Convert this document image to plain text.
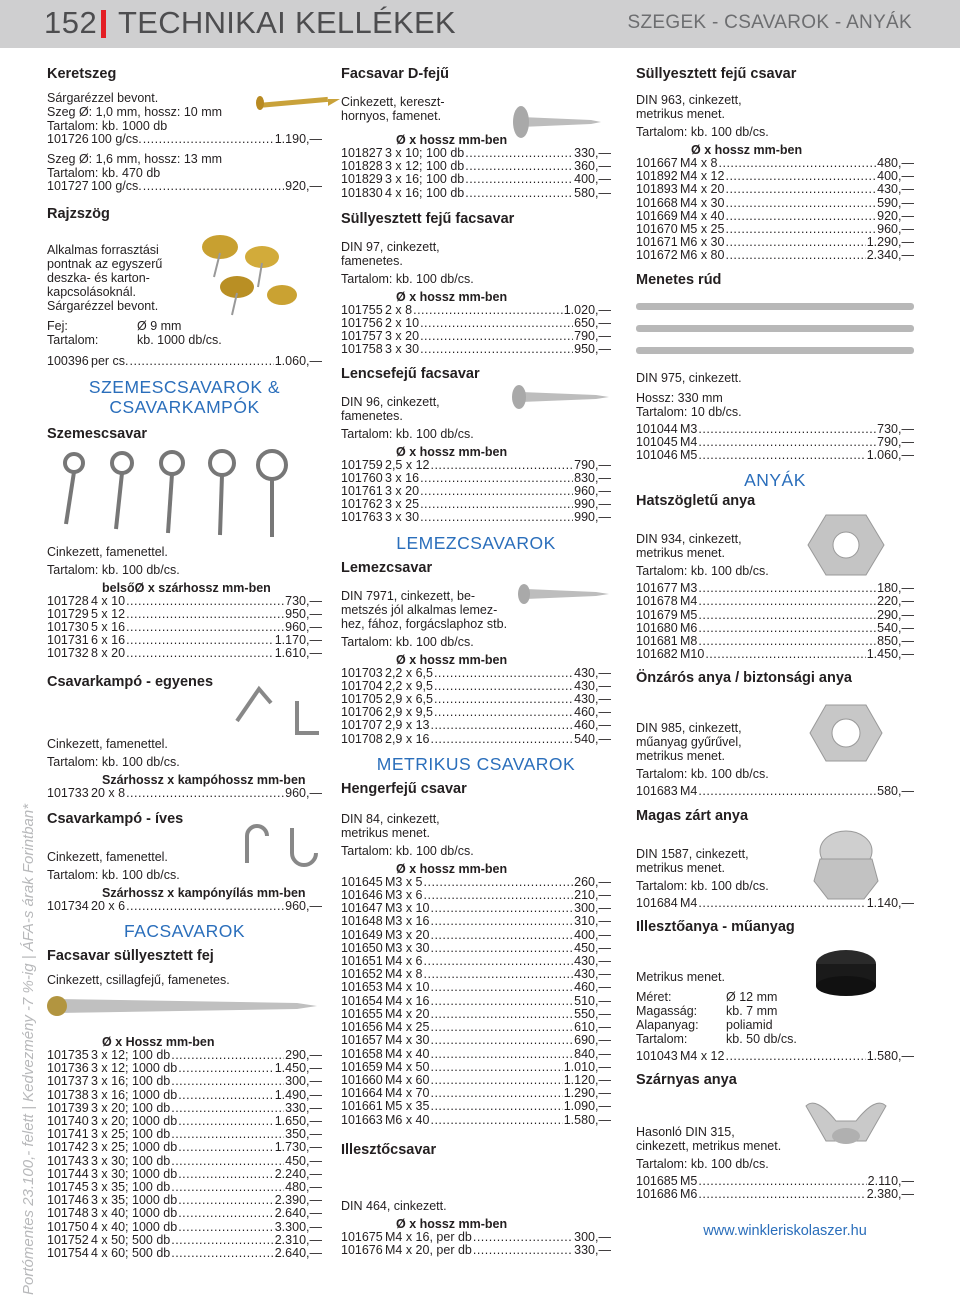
152 TECHNIKAI KELLÉKEK	SZEGEK - CSAVAROK - ANYÁK
Portómentes 23.100,- felett | Kedvezmény -7 %-ig | ÁFA-s árak Forintban*

Keretszeg

Sárgarézzel bevont.

Szeg Ø: 1,0 mm, hossz: 10 mm

Tartalom: kb. 1000 db

101726 100 g/cs. .....	1.190,—

Szeg Ø: 1,6 mm, hossz: 13 mm

Tartalom: kb. 470 db

101727 100 g/cs. .....	920,—

Rajzszög

Alkalmas forrasztási

pontnak az egyszerű

deszka- és karton-

kapcsolásoknál.

Sárgarézzel bevont.

Fej:	Ø 9 mm
Tartalom:	kb. 1000 db/cs.
100396 per cs. .....	1.060,—
SZEMESCSAVAROK & CSAVARKAMPÓK

Szemescsavar

Cinkezett, famenettel.

Tartalom: kb. 100 db/cs.

belsőØ x szárhossz mm-ben

101728 4 x 10 .....	730,—
101729 5 x 12 .....	950,—
101730 5 x 16 .....	960,—
101731 6 x 16 .....	1.170,—
101732 8 x 20 .....	1.610,—

Csavarkampó - egyenes

Cinkezett, famenettel.

Tartalom: kb. 100 db/cs.

Szárhossz x kampóhossz mm-ben

101733 20 x 8 .....	960,—

Csavarkampó - íves

Cinkezett, famenettel.

Tartalom: kb. 100 db/cs.

Szárhossz x kampónyílás mm-ben

101734 20 x 6 .....	960,—
FACSAVAROK

Facsavar süllyesztett fej

Cinkezett, csillagfejű, famenetes.

Ø x Hossz mm-ben

101735 3 x 12; 100 db .....	290,—
101736 3 x 12; 1000 db .....	1.450,—
101737 3 x 16; 100 db .....	300,—
101738 3 x 16; 1000 db .....	1.490,—
101739 3 x 20; 100 db .....	330,—
101740 3 x 20; 1000 db .....	1.650,—
101741 3 x 25; 100 db .....	350,—
101742 3 x 25; 1000 db .....	1.730,—
101743 3 x 30; 100 db .....	450,—
101744 3 x 30; 1000 db .....	2.240,—
101745 3 x 35; 100 db .....	480,—
101746 3 x 35; 1000 db .....	2.390,—
101748 3 x 40; 1000 db .....	2.640,—
101750 4 x 40; 1000 db .....	3.300,—
101752 4 x 50; 500 db .....	2.310,—
101754 4 x 60; 500 db .....	2.640,—

Facsavar D-fejű

Cinkezett, kereszt-

hornyos, famenet.

Ø x hossz mm-ben

101827 3 x 10; 100 db .....	330,—
101828 3 x 12; 100 db .....	360,—
101829 3 x 16; 100 db .....	400,—
101830 4 x 16; 100 db .....	580,—

Süllyesztett fejű facsavar

DIN 97, cinkezett,

famenetes.

Tartalom: kb. 100 db/cs.

Ø x hossz mm-ben

101755 2 x 8 .....	1.020,—
101756 2 x 10 .....	650,—
101757 3 x 20 .....	790,—
101758 3 x 30 .....	950,—

Lencsefejű facsavar

DIN 96, cinkezett,

famenetes.

Tartalom: kb. 100 db/cs.

Ø x hossz mm-ben

101759 2,5 x 12 .....	790,—
101760 3 x 16 .....	830,—
101761 3 x 20 .....	960,—
101762 3 x 25 .....	990,—
101763 3 x 30 .....	990,—
LEMEZCSAVAROK

Lemezcsavar

DIN 7971, cinkezett, be-

metszés jól alkalmas lemez-

hez, fához, forgácslaphoz stb.

Tartalom: kb. 100 db/cs.

Ø x hossz mm-ben

101703 2,2 x 6,5 .....	430,—
101704 2,2 x 9,5 .....	430,—
101705 2,9 x 6,5 .....	430,—
101706 2,9 x 9,5 .....	460,—
101707 2,9 x 13 .....	460,—
101708 2,9 x 16 .....	540,—
METRIKUS CSAVAROK

Hengerfejű csavar

DIN 84, cinkezett,

metrikus menet.

Tartalom: kb. 100 db/cs.

Ø x hossz mm-ben

101645 M3 x 5 .....	260,—
101646 M3 x 6 .....	210,—
101647 M3 x 10 .....	300,—
101648 M3 x 16 .....	310,—
101649 M3 x 20 .....	400,—
101650 M3 x 30 .....	450,—
101651 M4 x 6 .....	430,—
101652 M4 x 8 .....	430,—
101653 M4 x 10 .....	460,—
101654 M4 x 16 .....	510,—
101655 M4 x 20 .....	550,—
101656 M4 x 25 .....	610,—
101657 M4 x 30 .....	690,—
101658 M4 x 40 .....	840,—
101659 M4 x 50 .....	1.010,—
101660 M4 x 60 .....	1.120,—
101664 M4 x 70 .....	1.290,—
101661 M5 x 35 .....	1.090,—
101663 M6 x 40 .....	1.580,—

Illesztőcsavar

DIN 464, cinkezett.

Ø x hossz mm-ben

101675 M4 x 16, per db .....	300,—
101676 M4 x 20, per db .....	330,—

Süllyesztett fejű csavar

DIN 963, cinkezett,

metrikus menet.

Tartalom: kb. 100 db/cs.

Ø x hossz mm-ben

101667 M4 x 8 .....	480,—
101892 M4 x 12 .....	400,—
101893 M4 x 20 .....	430,—
101668 M4 x 30 .....	590,—
101669 M4 x 40 .....	920,—
101670 M5 x 25 .....	960,—
101671 M6 x 30 .....	1.290,—
101672 M6 x 80 .....	2.340,—

Menetes rúd

DIN 975, cinkezett.

Hossz: 330 mm

Tartalom: 10 db/cs.

101044 M3 .....	730,—
101045 M4 .....	790,—
101046 M5 .....	1.060,—
ANYÁK

Hatszögletű anya

DIN 934, cinkezett,

metrikus menet.

Tartalom: kb. 100 db/cs.

101677 M3 .....	180,—
101678 M4 .....	220,—
101679 M5 .....	290,—
101680 M6 .....	540,—
101681 M8 .....	850,—
101682 M10 .....	1.450,—

Önzárós anya / biztonsági anya

DIN 985, cinkezett,

műanyag gyűrűvel,

metrikus menet.

Tartalom: kb. 100 db/cs.

101683 M4 .....	580,—

Magas zárt anya

DIN 1587, cinkezett,

metrikus menet.

Tartalom: kb. 100 db/cs.

101684 M4 .....	1.140,—

Illesztőanya - műanyag

Metrikus menet.

Méret:	Ø 12 mm
Magasság:	kb. 7 mm
Alapanyag:	poliamid
Tartalom:	kb. 50 db/cs.
101043 M4 x 12 .....	1.580,—

Szárnyas anya

Hasonló DIN 315,

cinkezett, metrikus menet.

Tartalom: kb. 100 db/cs.

101685 M5 .....	2.110,—
101686 M6 .....	2.380,—
www.winkleriskolaszer.hu
